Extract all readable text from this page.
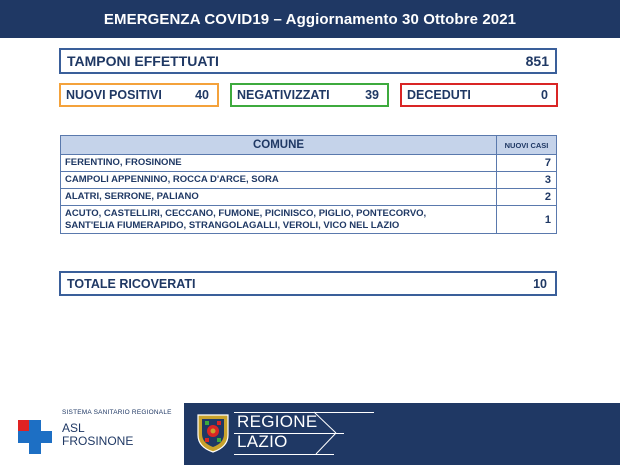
EMERGENZA COVID19 – Aggiornamento 30 Ottobre 2021
TAMPONI EFFETTUATI	851
NUOVI POSITIVI	40 NEGATIVIZZATI	39 DECEDUTI	0
COMUNE	NUOVI CASI
FERENTINO, FROSINONE	7
CAMPOLI APPENNINO, ROCCA D'ARCE, SORA	3
ALATRI, SERRONE, PALIANO	2

ACUTO, CASTELLIRI, CECCANO, FUMONE, PICINISCO, PIGLIO, PONTECORVO,
SANT'ELIA FIUMERAPIDO, STRANGOLAGALLI, VEROLI, VICO NEL LAZIO	1
TOTALE RICOVERATI	10
SISTEMA SANITARIO REGIONALE
ASL
FROSINONE
REGIONE
LAZIO
